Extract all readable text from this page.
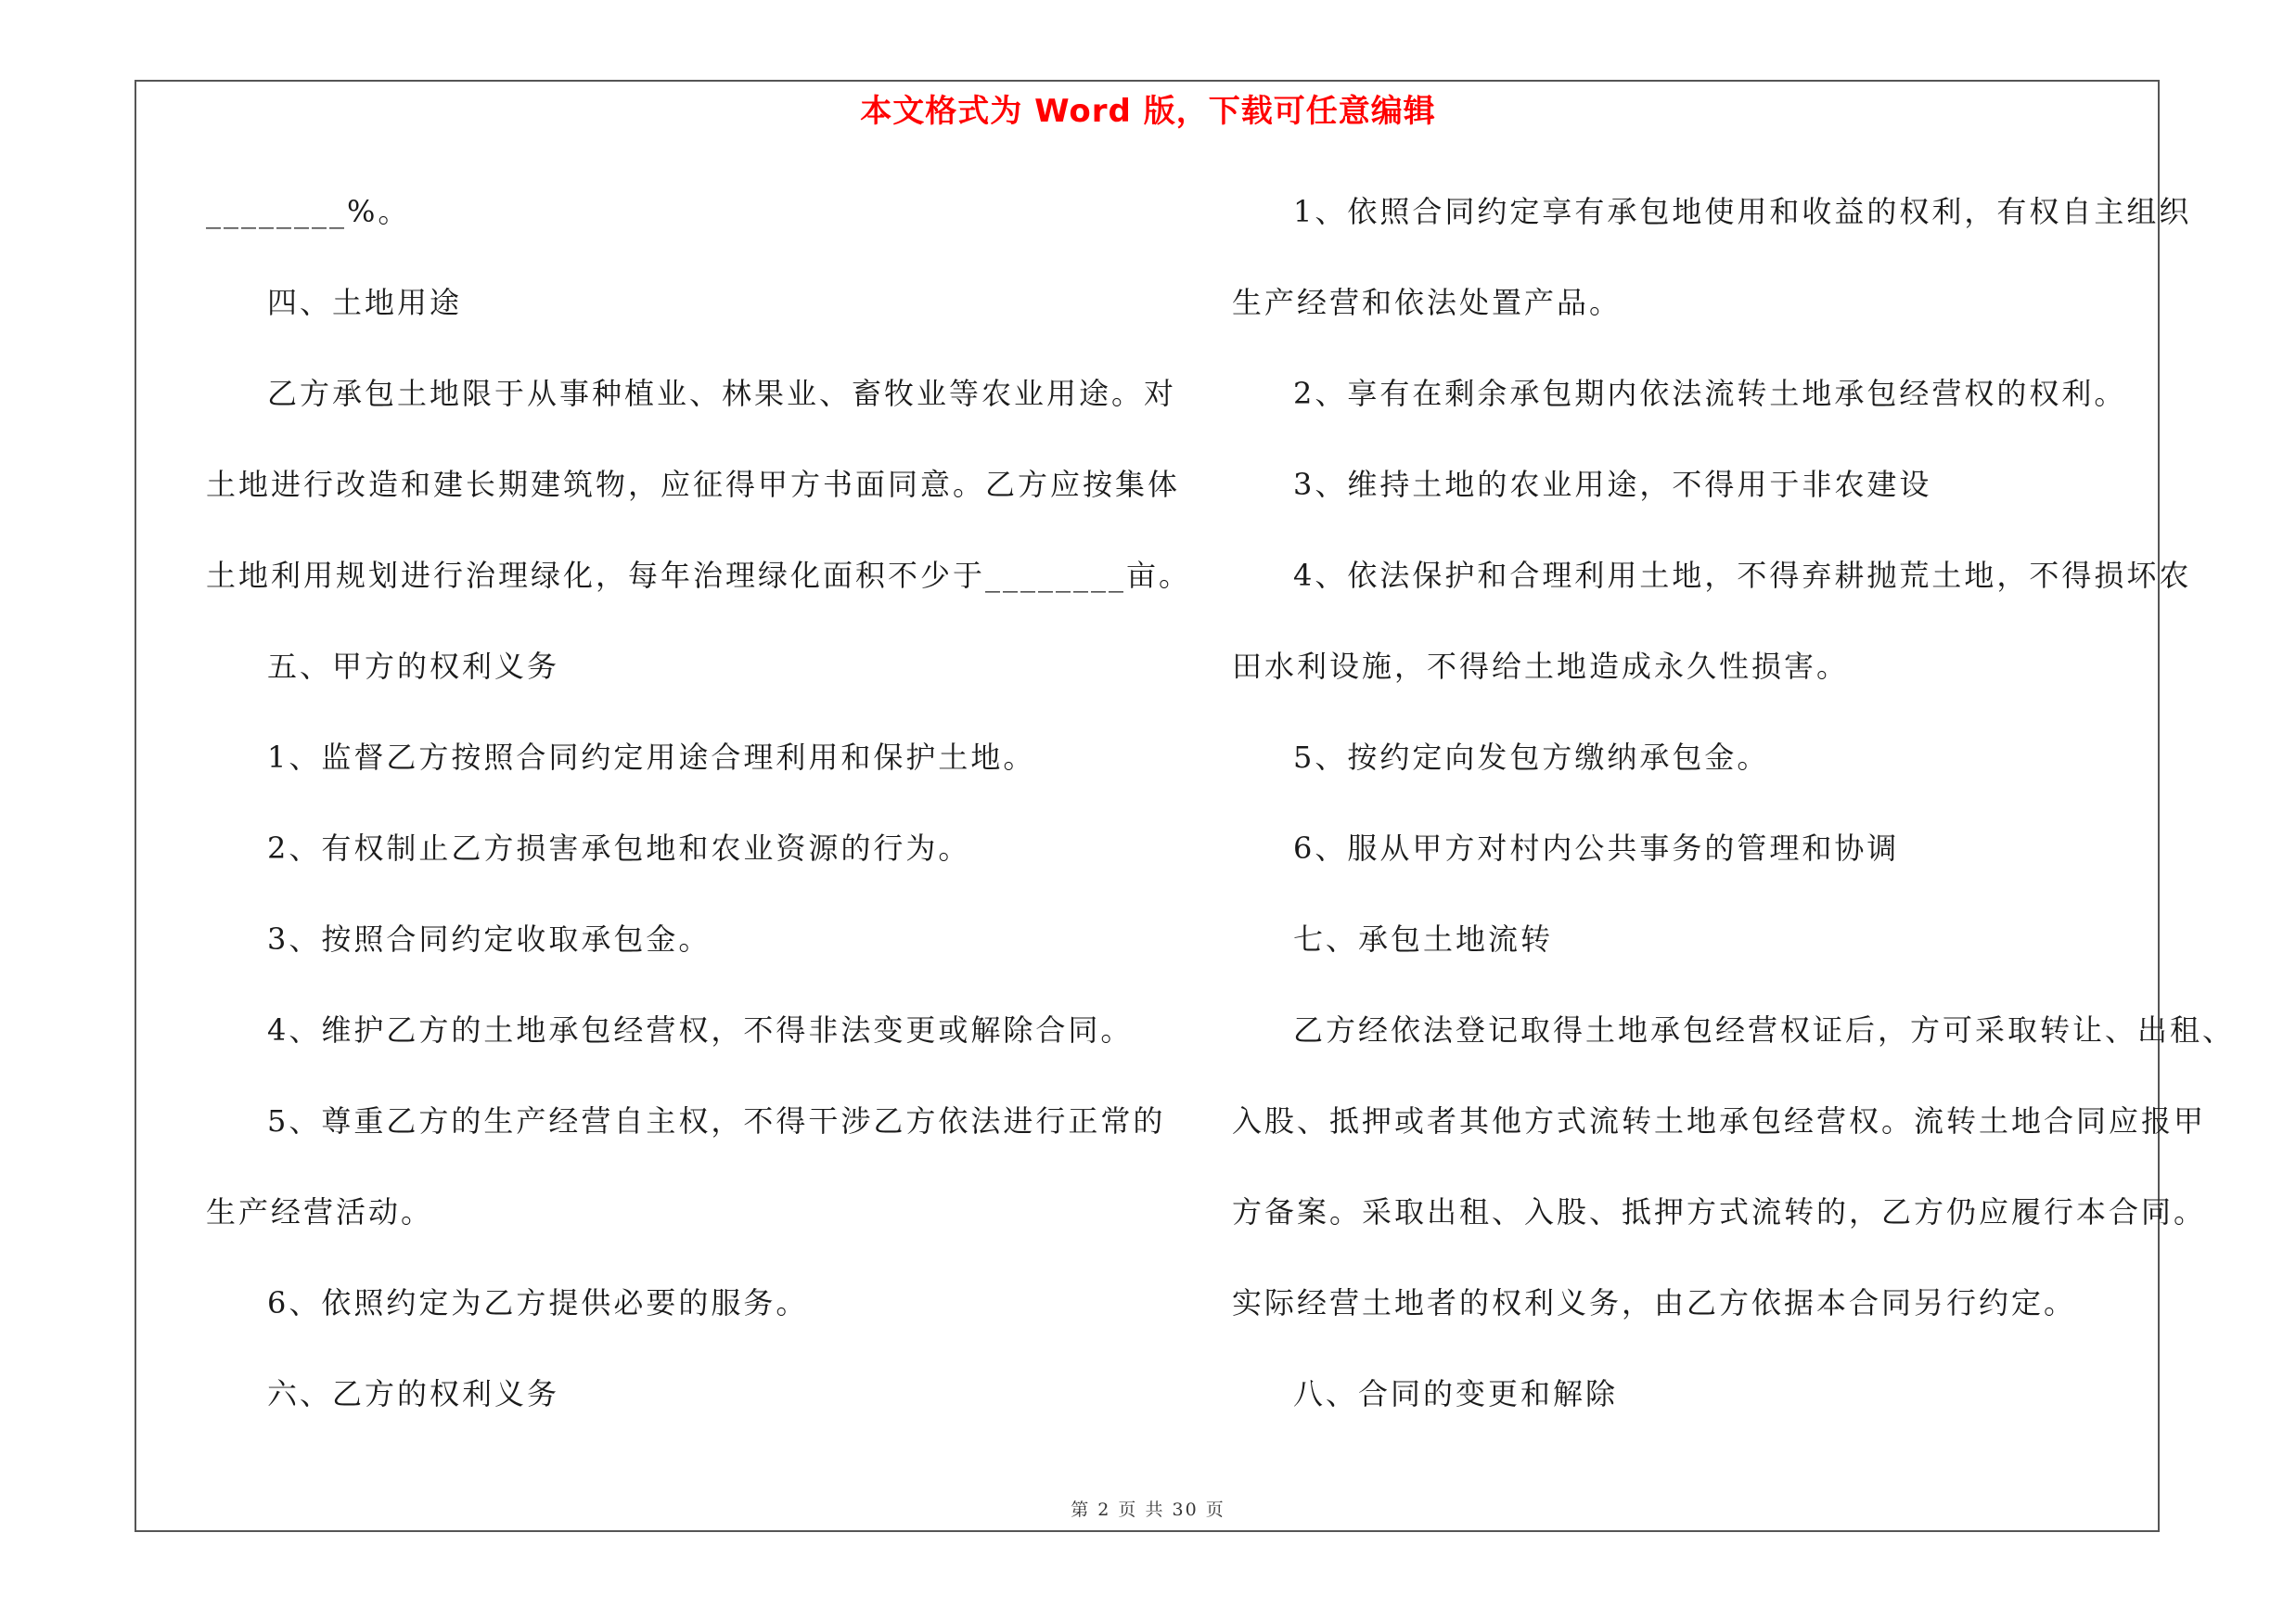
本文格式为 Word 版，下载可任意编辑
________%。
四、土地用途
乙方承包土地限于从事种植业、林果业、畜牧业等农业用途。对
土地进行改造和建长期建筑物，应征得甲方书面同意。乙方应按集体
土地利用规划进行治理绿化，每年治理绿化面积不少于________亩。
五、甲方的权利义务
1、监督乙方按照合同约定用途合理利用和保护土地。
2、有权制止乙方损害承包地和农业资源的行为。
3、按照合同约定收取承包金。
4、维护乙方的土地承包经营权，不得非法变更或解除合同。
5、尊重乙方的生产经营自主权，不得干涉乙方依法进行正常的
生产经营活动。
6、依照约定为乙方提供必要的服务。
六、乙方的权利义务
1、依照合同约定享有承包地使用和收益的权利，有权自主组织
生产经营和依法处置产品。
2、享有在剩余承包期内依法流转土地承包经营权的权利。
3、维持土地的农业用途，不得用于非农建设
4、依法保护和合理利用土地，不得弃耕抛荒土地，不得损坏农
田水利设施，不得给土地造成永久性损害。
5、按约定向发包方缴纳承包金。
6、服从甲方对村内公共事务的管理和协调
七、承包土地流转
乙方经依法登记取得土地承包经营权证后，方可采取转让、出租、
入股、抵押或者其他方式流转土地承包经营权。流转土地合同应报甲
方备案。采取出租、入股、抵押方式流转的，乙方仍应履行本合同。
实际经营土地者的权利义务，由乙方依据本合同另行约定。
八、合同的变更和解除
第 2 页 共 30 页
